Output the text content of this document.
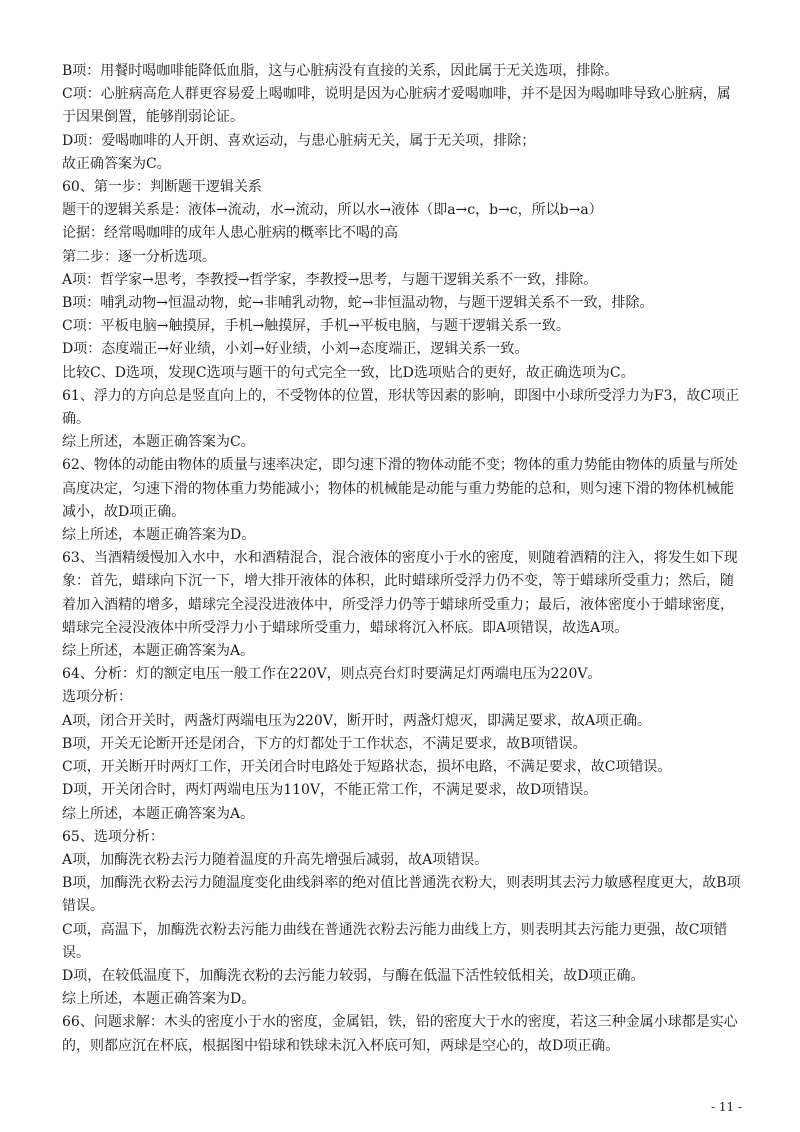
B项：用餐时喝咖啡能降低血脂，这与心脏病没有直接的关系，因此属于无关选项，排除。
C项：心脏病高危人群更容易爱上喝咖啡，说明是因为心脏病才爱喝咖啡，并不是因为喝咖啡导致心脏病，属于因果倒置，能够削弱论证。
D项：爱喝咖啡的人开朗、喜欢运动，与患心脏病无关，属于无关项，排除；
故正确答案为C。
60、第一步：判断题干逻辑关系
题干的逻辑关系是：液体→流动，水→流动，所以水→液体（即a→c，b→c，所以b→a）
论据：经常喝咖啡的成年人患心脏病的概率比不喝的高
第二步：逐一分析选项。
A项：哲学家→思考，李教授→哲学家，李教授→思考，与题干逻辑关系不一致，排除。
B项：哺乳动物→恒温动物，蛇→非哺乳动物，蛇→非恒温动物，与题干逻辑关系不一致，排除。
C项：平板电脑→触摸屏，手机→触摸屏，手机→平板电脑，与题干逻辑关系一致。
D项：态度端正→好业绩，小刘→好业绩，小刘→态度端正，逻辑关系一致。
比较C、D选项，发现C选项与题干的句式完全一致，比D选项贴合的更好，故正确选项为C。
61、浮力的方向总是竖直向上的，不受物体的位置，形状等因素的影响，即图中小球所受浮力为F3，故C项正确。
综上所述，本题正确答案为C。
62、物体的动能由物体的质量与速率决定，即匀速下滑的物体动能不变；物体的重力势能由物体的质量与所处高度决定，匀速下滑的物体重力势能减小；物体的机械能是动能与重力势能的总和，则匀速下滑的物体机械能减小，故D项正确。
综上所述，本题正确答案为D。
63、当酒精缓慢加入水中，水和酒精混合，混合液体的密度小于水的密度，则随着酒精的注入，将发生如下现象：首先，蜡球向下沉一下，增大排开液体的体积，此时蜡球所受浮力仍不变，等于蜡球所受重力；然后，随着加入酒精的增多，蜡球完全浸没进液体中，所受浮力仍等于蜡球所受重力；最后，液体密度小于蜡球密度，蜡球完全浸没液体中所受浮力小于蜡球所受重力，蜡球将沉入杯底。即A项错误，故选A项。
综上所述，本题正确答案为A。
64、分析：灯的额定电压一般工作在220V，则点亮台灯时要满足灯两端电压为220V。
选项分析：
A项，闭合开关时，两盏灯两端电压为220V，断开时，两盏灯熄灭，即满足要求，故A项正确。
B项，开关无论断开还是闭合，下方的灯都处于工作状态，不满足要求，故B项错误。
C项，开关断开时两灯工作，开关闭合时电路处于短路状态，损坏电路，不满足要求，故C项错误。
D项，开关闭合时，两灯两端电压为110V，不能正常工作，不满足要求，故D项错误。
综上所述，本题正确答案为A。
65、选项分析：
A项，加酶洗衣粉去污力随着温度的升高先增强后减弱，故A项错误。
B项，加酶洗衣粉去污力随温度变化曲线斜率的绝对值比普通洗衣粉大，则表明其去污力敏感程度更大，故B项错误。
C项，高温下，加酶洗衣粉去污能力曲线在普通洗衣粉去污能力曲线上方，则表明其去污能力更强，故C项错误。
D项，在较低温度下，加酶洗衣粉的去污能力较弱，与酶在低温下活性较低相关，故D项正确。
综上所述，本题正确答案为D。
66、问题求解：木头的密度小于水的密度，金属铝，铁，铅的密度大于水的密度，若这三种金属小球都是实心的，则都应沉在杯底，根据图中铅球和铁球未沉入杯底可知，两球是空心的，故D项正确。
- 11 -
